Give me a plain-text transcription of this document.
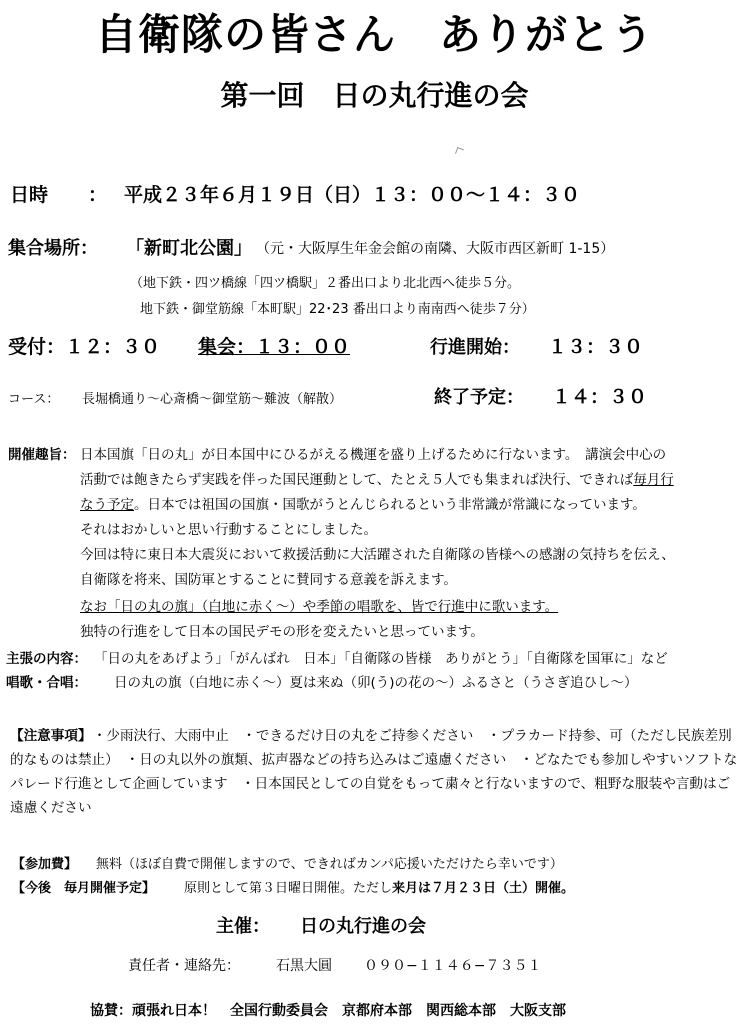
自衛隊の皆さん　ありがとう
第一回　日の丸行進の会
日時 ： 平成２３年６月１９日（日）１３：００〜１４：３０
集合場所： 「新町北公園」 （元・大阪厚生年金会館の南隣、大阪市西区新町 1-15）
（地下鉄・四ツ橋線「四ツ橋駅」２番出口より北北西へ徒歩５分。
地下鉄・御堂筋線「本町駅」22･23 番出口より南南西へ徒歩７分）
受付：１２：３０ 集会：１３：００	行進開始： １３：３０
コース： 長堀橋通り〜心斎橋〜御堂筋〜難波（解散）	終了予定： １４：３０
開催趣旨： 日本国旗「日の丸」が日本国中にひるがえる機運を盛り上げるために行ないます。　講演会中心の
活動では飽きたらず実践を伴った国民運動として、たとえ５人でも集まれば決行、できれば毎月行
なう予定。日本では祖国の国旗・国歌がうとんじられるという非常識が常識になっています。
それはおかしいと思い行動することにしました。
今回は特に東日本大震災において救援活動に大活躍された自衛隊の皆様への感謝の気持ちを伝え、
自衛隊を将来、国防軍とすることに賛同する意義を訴えます。
なお「日の丸の旗」（白地に赤く〜）や季節の唱歌を、皆で行進中に歌います。
独特の行進をして日本の国民デモの形を変えたいと思っています。
主張の内容： 「日の丸をあげよう」「がんばれ　日本」「自衛隊の皆様　ありがとう」「自衛隊を国軍に」など
唱歌・合唱： 日の丸の旗（白地に赤く〜）夏は来ぬ（卯(う)の花の〜）ふるさと（うさぎ追ひし〜）
【注意事項】 ・少雨決行、大雨中止　・できるだけ日の丸をご持参ください　・プラカード持参、可（ただし民族差別的なものは禁止）　・日の丸以外の旗類、拡声器などの持ち込みはご遠慮ください　・どなたでも参加しやすいソフトなパレード行進として企画しています　・日本国民としての自覚をもって粛々と行ないますので、粗野な服装や言動はご遠慮ください
【参加費】 無料（ほぼ自費で開催しますので、できればカンパ応援いただけたら幸いです）
【今後　毎月開催予定】 原則として第３日曜日開催。ただし来月は７月２３日（土）開催。
主催： 日の丸行進の会
責任者・連絡先：	石黒大圓 ０９０−１１４６−７３５１
協賛：頑張れ日本！　全国行動委員会　京都府本部　関西総本部　大阪支部
